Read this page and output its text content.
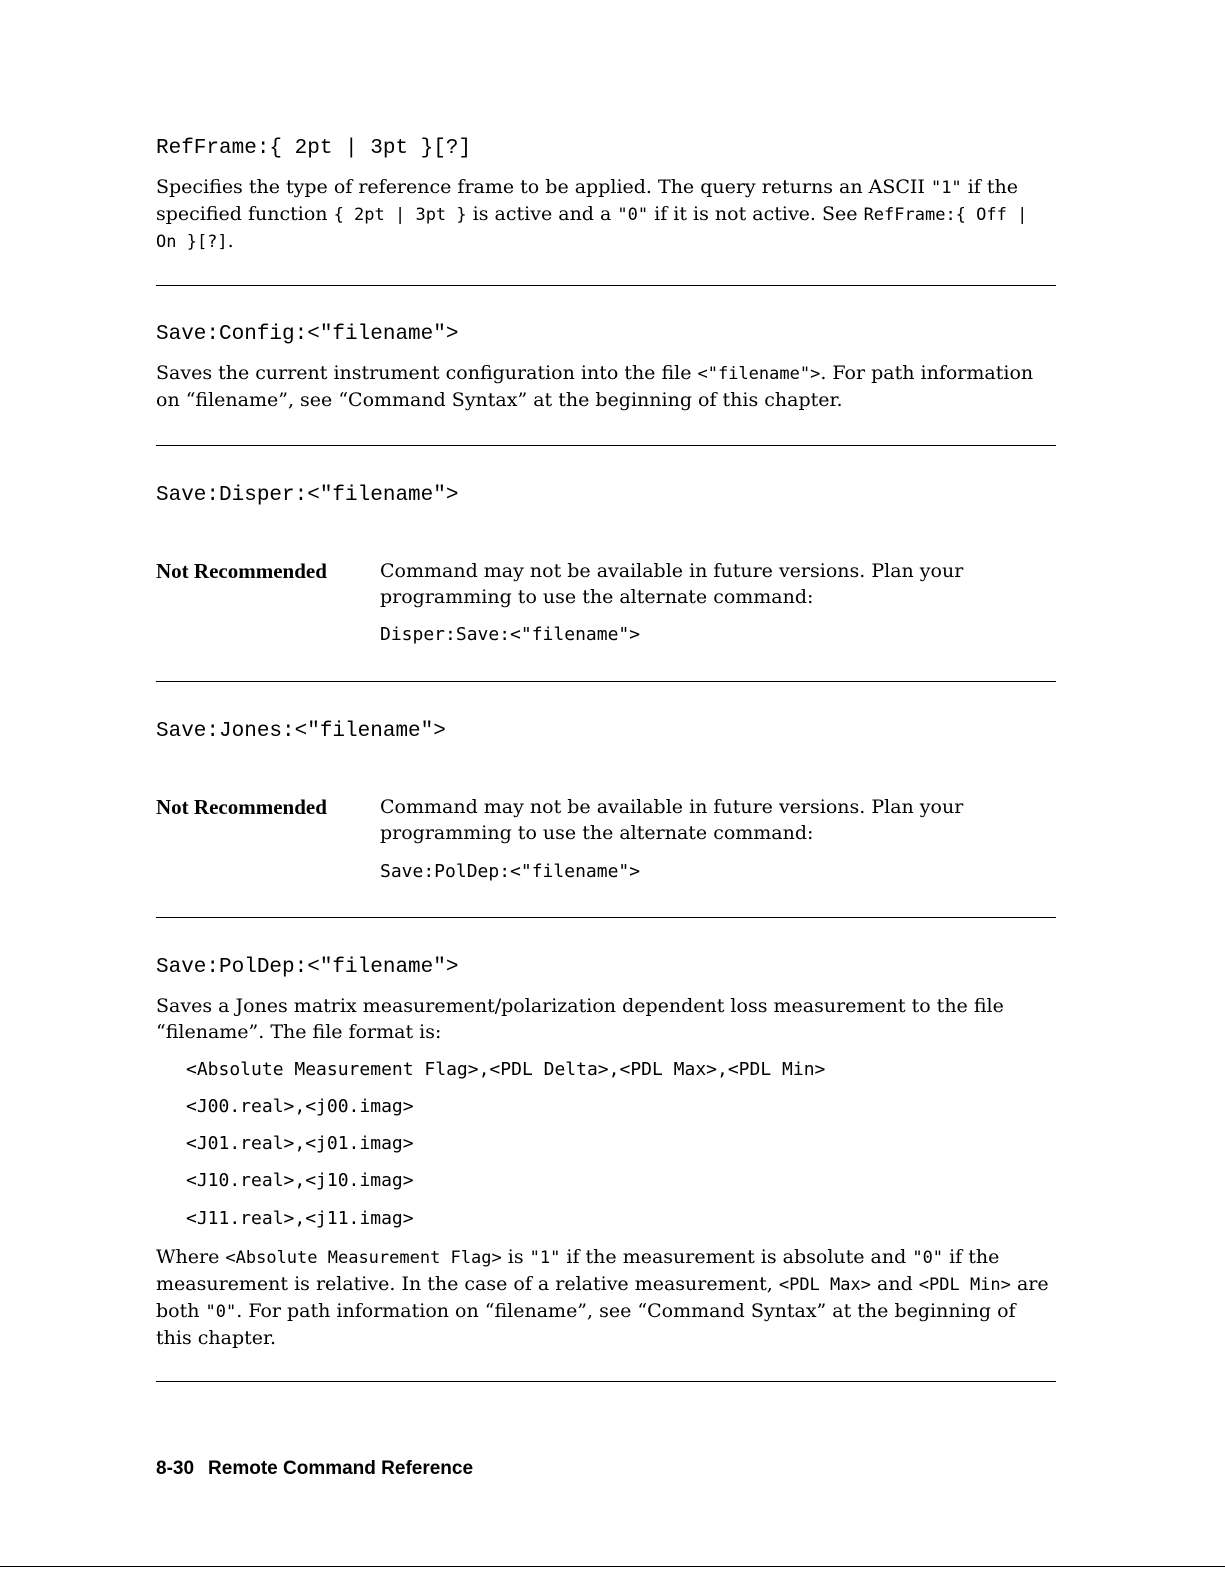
RefFrame:{ 2pt | 3pt }[?]
Specifies the type of reference frame to be applied. The query returns an ASCII "1" if the specified function { 2pt | 3pt } is active and a "0" if it is not active. See RefFrame:{ Off | On }[?].
Save:Config:<"filename">
Saves the current instrument configuration into the file <"filename">. For path information on “filename”, see “Command Syntax” at the beginning of this chapter.
Save:Disper:<"filename">
Not Recommended	Command may not be available in future versions. Plan your programming to use the alternate command:
Disper:Save:<"filename">
Save:Jones:<"filename">
Not Recommended	Command may not be available in future versions. Plan your programming to use the alternate command:
Save:PolDep:<"filename">
Save:PolDep:<"filename">
Saves a Jones matrix measurement/polarization dependent loss measurement to the file “filename”. The file format is:
<Absolute Measurement Flag>,<PDL Delta>,<PDL Max>,<PDL Min>
<J00.real>,<j00.imag>
<J01.real>,<j01.imag>
<J10.real>,<j10.imag>
<J11.real>,<j11.imag>
Where <Absolute Measurement Flag> is "1" if the measurement is absolute and "0" if the measurement is relative. In the case of a relative measurement, <PDL Max> and <PDL Min> are both "0". For path information on “filename”, see “Command Syntax” at the beginning of this chapter.
8-30 Remote Command Reference
